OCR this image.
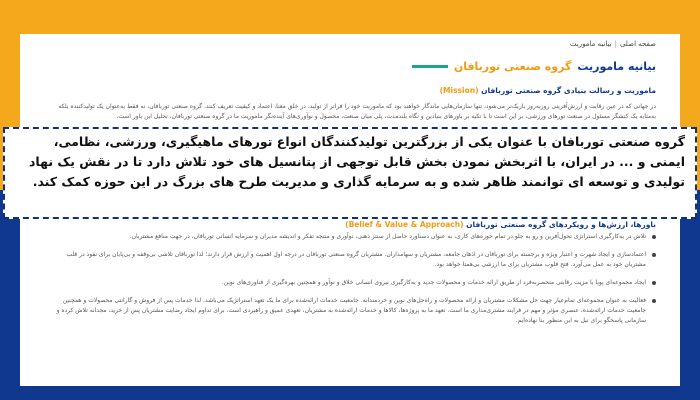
صفحه اصلی|بیانیه ماموریت
بیانیه ماموریت
گروه صنعتی توربافان
ماموریت و رسالت بنیادی گروه صنعتی توربافان (Mission)
در جهانی که در عین رقابت و ارزش‌آفرینی روزبه‌روز باریک‌تر می‌شود، تنها سازمان‌هایی ماندگار خواهند بود که ماموریت خود را فراتر از تولید، در خلق معنا، اعتماد و کیفیت تعریف کنند. گروه صنعتی توربافان، نه فقط به‌عنوان یک تولیدکننده بلکه به‌مثابه یک کنشگر مسئول در صنعت تورهای ورزشی، بر این است تا با تکیه بر باورهای بنیادین و نگاه بلندمدت، پلی میان صنعت، محصول و نوآوری‌های آینده‌نگر ماموریت ما در گروه صنعتی توربافان، تحلیل این باور است.
باورها، ارزش‌ها و رویکردهای گروه صنعتی توربافان (Belief & Value & Approach)
تلاش در به‌کارگیری استراتژی تحول‌آفرین و رو به جلو در تمام حوزه‌های کاری، به عنوان دستاورد حاصل از سنتز ذهنی، نوآوری و منتجه تفکر و اندیشه مدیران و سرمایه انسانی توربافان، در جهت منافع مشتریان.
اعتمادسازی و ایجاد شهرت و اعتبار ویژه و برجسته برای توربافان در اذهان جامعه، مشتریان و سهامداران. مشتریان گروه صنعتی توربافان در درجه اول اهمیت و ارزش قرار دارند؛ لذا توربافان تلاشی بی‌وقفه و بی‌پایان برای نفوذ در قلب مشتریان خود به عمل می‌آورد. فتح قلوب مشتریان برای ما ارزشی بی‌همتا خواهد بود.
ایجاد مجموعه‌ای پویا با مزیت رقابتی منحصربه‌فرد از طریق ارائه خدمات و محصولات جدید و به‌کارگیری نیروی انسانی خلاق و نوآور و همچنین بهره‌گیری از فناوری‌های نوین.
فعالیت به عنوان مجموعه‌ای تمام‌عیار جهت حل مشکلات مشتریان و ارائه محصولات و راه‌حل‌های نوین و خردمندانه. جامعیت خدمات ارائه‌شده برای ما یک تعهد استراتژیک می‌باشد. لذا خدمات پس از فروش و گارانتی محصولات و همچنین جامعیت خدمات ارائه‌شده، عنصری مؤثر و مهم در فرایند مشتری‌مداری ما است. تعهد ما به پروژه‌ها، کالاها و خدمات ارائه‌شده به مشتریان، تعهدی عمیق و راهبردی است. برای تداوم ایجاد رضایت مشتریان پس از خرید، مجدانه تلاش کرده و سازمانی پاسخگو برای نیل به این منظور بنا نهاده‌ایم.
گروه صنعتی توربافان با عنوان یکی از بزرگترین تولیدکنندگان انواع تورهای ماهیگیری، ورزشی، نظامی، ایمنی و ... در ایران، با اثربخش نمودن بخش قابل توجهی از پتانسیل های خود تلاش دارد تا در نقش یک نهاد تولیدی و توسعه ای توانمند ظاهر شده و به سرمایه گذاری و مدیریت طرح های بزرگ در این حوزه کمک کند.
